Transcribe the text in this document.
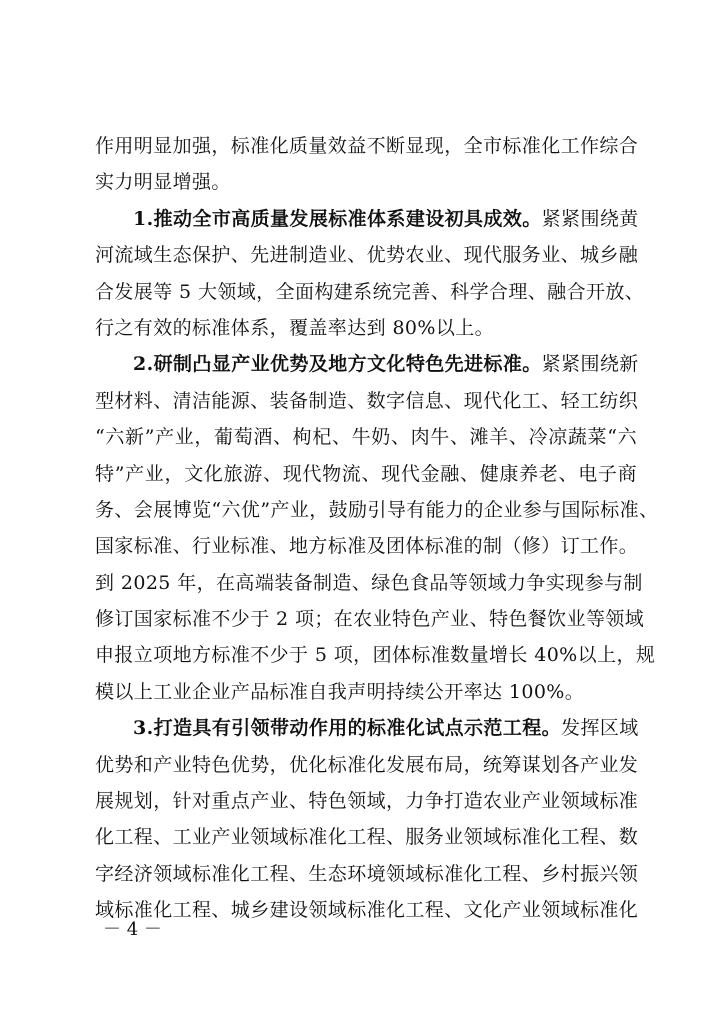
作用明显加强，标准化质量效益不断显现，全市标准化工作综合
实力明显增强。
1.推动全市高质量发展标准体系建设初具成效。紧紧围绕黄
河流域生态保护、先进制造业、优势农业、现代服务业、城乡融
合发展等 5 大领域，全面构建系统完善、科学合理、融合开放、
行之有效的标准体系，覆盖率达到 80%以上。
2.研制凸显产业优势及地方文化特色先进标准。紧紧围绕新
型材料、清洁能源、装备制造、数字信息、现代化工、轻工纺织
“六新”产业，葡萄酒、枸杞、牛奶、肉牛、滩羊、冷凉蔬菜“六
特”产业，文化旅游、现代物流、现代金融、健康养老、电子商
务、会展博览“六优”产业，鼓励引导有能力的企业参与国际标准、
国家标准、行业标准、地方标准及团体标准的制（修）订工作。
到 2025 年，在高端装备制造、绿色食品等领域力争实现参与制
修订国家标准不少于 2 项；在农业特色产业、特色餐饮业等领域
申报立项地方标准不少于 5 项，团体标准数量增长 40%以上，规
模以上工业企业产品标准自我声明持续公开率达 100%。
3.打造具有引领带动作用的标准化试点示范工程。发挥区域
优势和产业特色优势，优化标准化发展布局，统筹谋划各产业发
展规划，针对重点产业、特色领域，力争打造农业产业领域标准
化工程、工业产业领域标准化工程、服务业领域标准化工程、数
字经济领域标准化工程、生态环境领域标准化工程、乡村振兴领
域标准化工程、城乡建设领域标准化工程、文化产业领域标准化
－ 4 －
